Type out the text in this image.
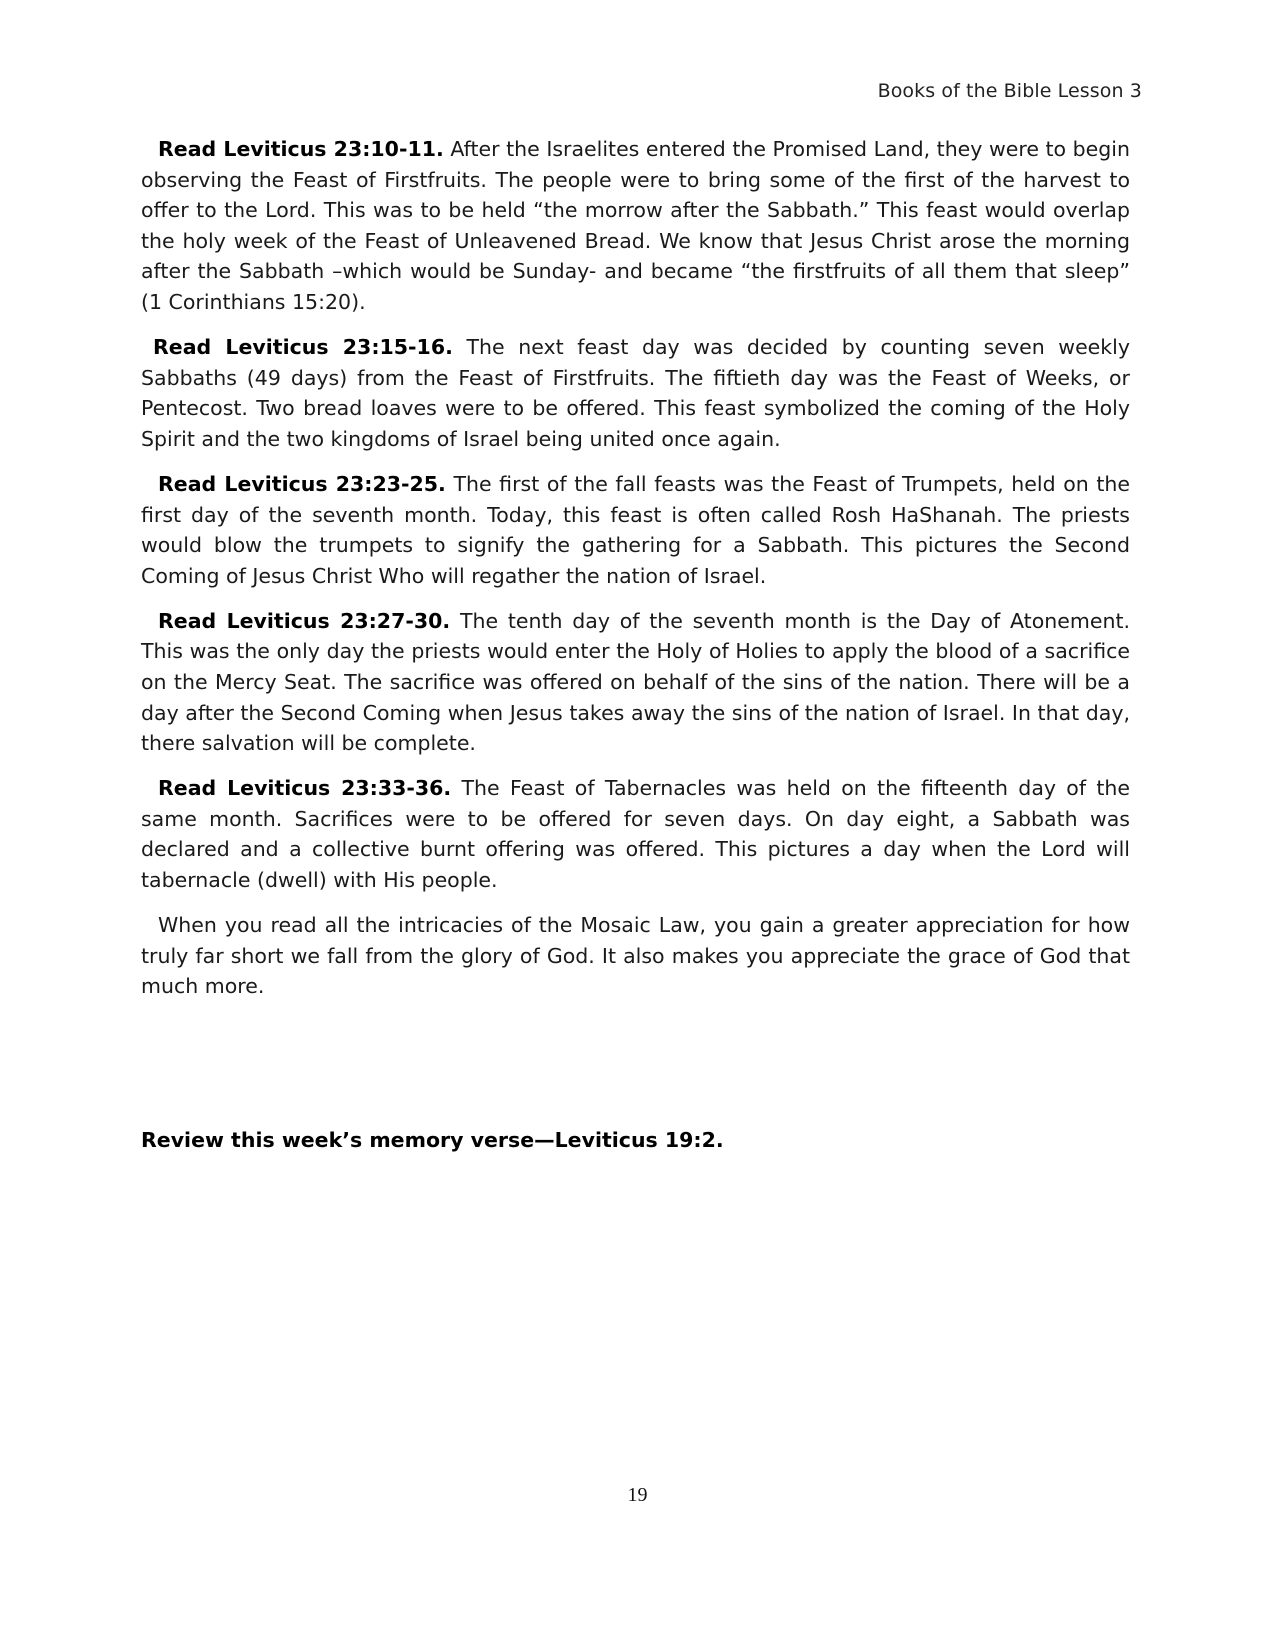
Books of the Bible Lesson 3

Read Leviticus 23:10-11. After the Israelites entered the Promised Land, they were to begin observing the Feast of Firstfruits. The people were to bring some of the first of the harvest to offer to the Lord. This was to be held “the morrow after the Sabbath.” This feast would overlap the holy week of the Feast of Unleavened Bread. We know that Jesus Christ arose the morning after the Sabbath –which would be Sunday- and became “the firstfruits of all them that sleep” (1 Corinthians 15:20).

Read Leviticus 23:15-16. The next feast day was decided by counting seven weekly Sabbaths (49 days) from the Feast of Firstfruits. The fiftieth day was the Feast of Weeks, or Pentecost. Two bread loaves were to be offered. This feast symbolized the coming of the Holy Spirit and the two kingdoms of Israel being united once again.

Read Leviticus 23:23-25. The first of the fall feasts was the Feast of Trumpets, held on the first day of the seventh month. Today, this feast is often called Rosh HaShanah. The priests would blow the trumpets to signify the gathering for a Sabbath. This pictures the Second Coming of Jesus Christ Who will regather the nation of Israel.

Read Leviticus 23:27-30. The tenth day of the seventh month is the Day of Atonement. This was the only day the priests would enter the Holy of Holies to apply the blood of a sacrifice on the Mercy Seat. The sacrifice was offered on behalf of the sins of the nation. There will be a day after the Second Coming when Jesus takes away the sins of the nation of Israel. In that day, there salvation will be complete.

Read Leviticus 23:33-36. The Feast of Tabernacles was held on the fifteenth day of the same month. Sacrifices were to be offered for seven days. On day eight, a Sabbath was declared and a collective burnt offering was offered. This pictures a day when the Lord will tabernacle (dwell) with His people.

When you read all the intricacies of the Mosaic Law, you gain a greater appreciation for how truly far short we fall from the glory of God. It also makes you appreciate the grace of God that much more.

Review this week’s memory verse—Leviticus 19:2.
19
